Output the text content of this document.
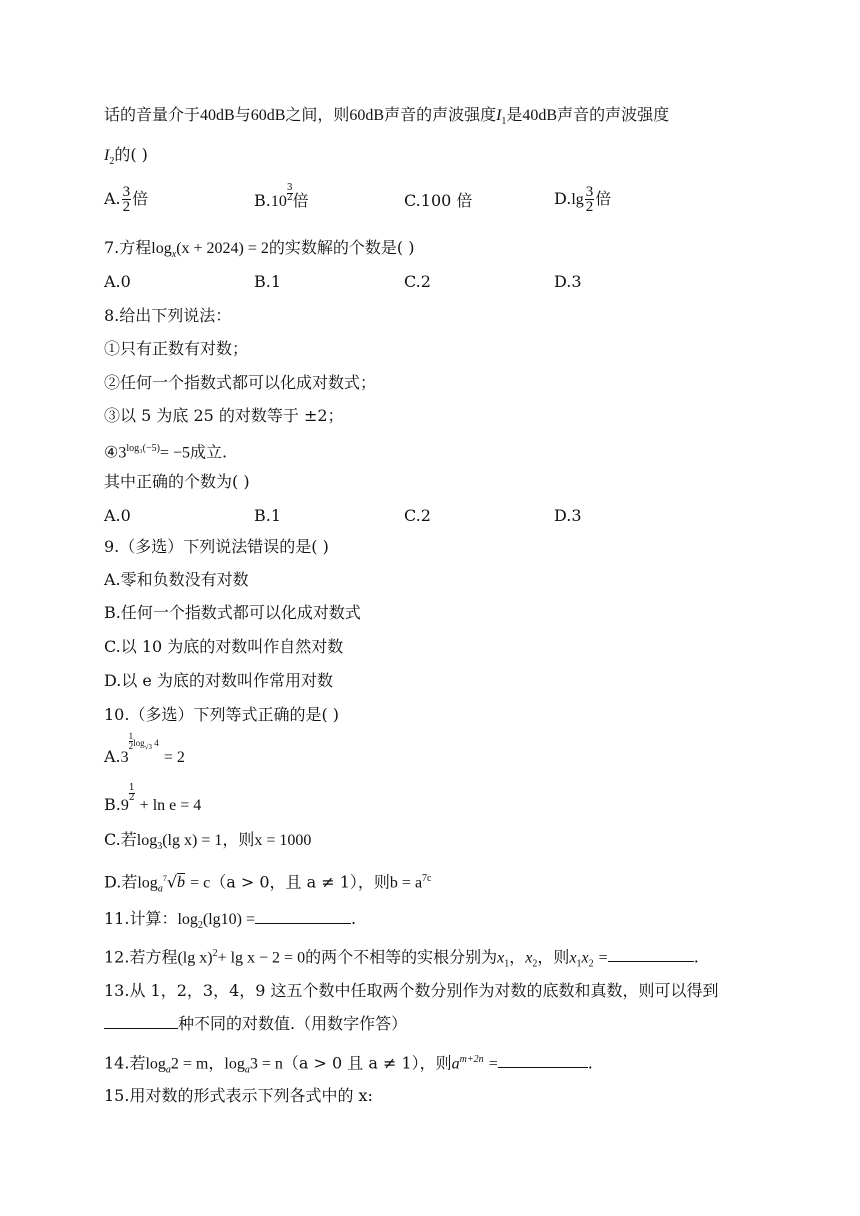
话的音量介于40dB与60dB之间，则60dB声音的声波强度$I_1$是40dB声音的声波强度
$I_2$的( )
A. $\frac{3}{2}$ 倍	$B.10 \frac{3}{2}$ 倍	C.100 倍	$D.\lg \frac{3}{2}$ 倍
7.方程$\log_x(x + 2024) = 2$的实数解的个数是( )
A.0	B.1	C.2	D.3
8.给出下列说法：
①只有正数有对数；
②任何一个指数式都可以化成对数式；
③以 5 为底 25 的对数等于 ±2；
$④3^{log_3(-5)}= -5$成立.
其中正确的个数为( )
A.0	B.1	C.2	D.3
9.（多选）下列说法错误的是( )
A.零和负数没有对数
B.任何一个指数式都可以化成对数式
C.以 10 为底的对数叫作自然对数
D.以 e 为底的对数叫作常用对数
10.（多选）下列等式正确的是( )
A.3
$\frac{1}{2} \log_{√3} 4 = 2$
B.9
$\frac{1}{2}$
+ ln e = 4
C.若$\log_3(\lg$ x) = 1，则x = 1000
D.若$\log_a^7√b = c(a > 0$，且 a ≠ 1），则$b = a^{7c}$
11.计算：$\log_2(\lg 10)$ =	.
12.若方程(lg x)$^2$+ lg x − 2 = 0的两个不相等的实根分别为$x_1$，$x_2$，则$x_1x_2$ =	.
13.从 1，2，3，4，9 这五个数中任取两个数分别作为对数的底数和真数，则可以得到
种不同的对数值.（用数字作答）
14.若$\log_a2 = m$，$\log_a3 = n(a > 0$ 且 a ≠ 1），则$a^{m+2n}$ =	.
15.用对数的形式表示下列各式中的 x:
